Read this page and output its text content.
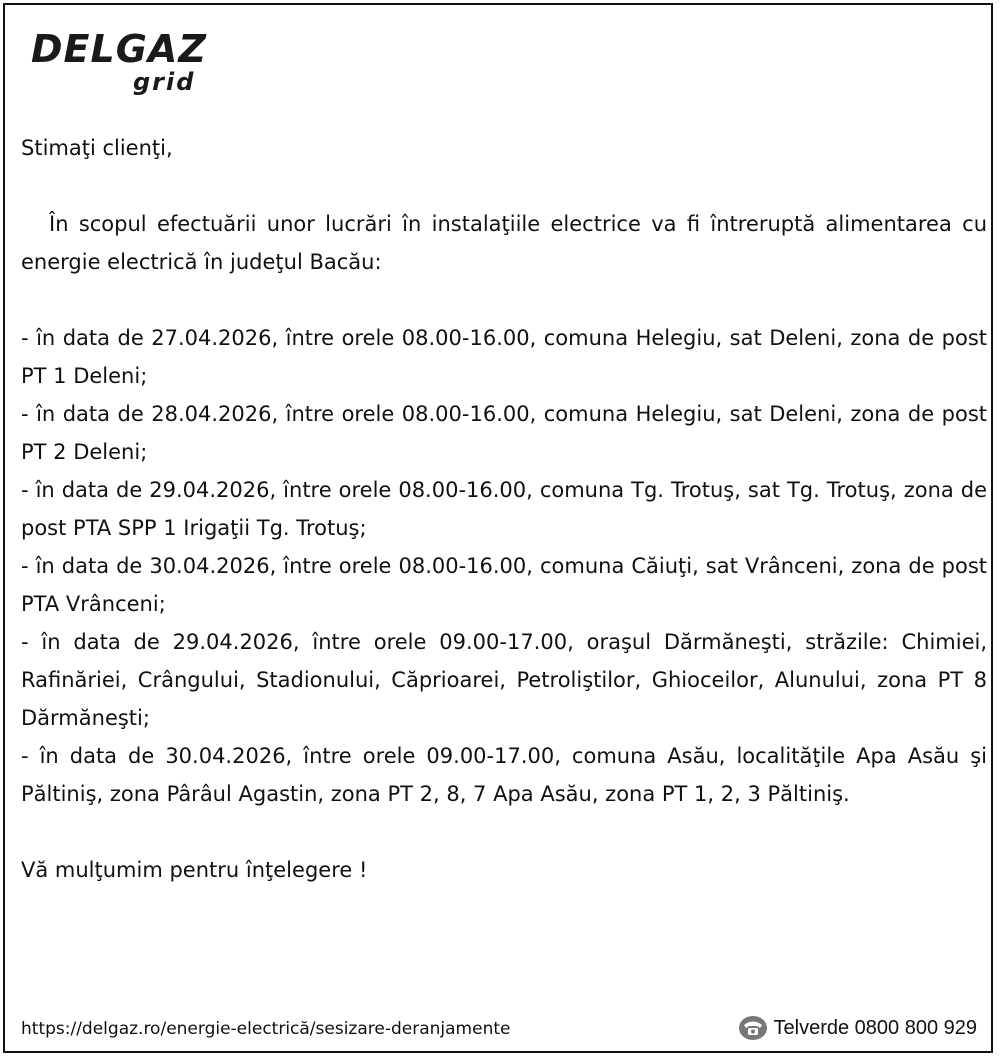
DELGAZ
grid

Stimaţi clienţi,

În scopul efectuării unor lucrări în instalaţiile electrice va fi întreruptă alimentarea cu energie electrică în judeţul Bacău:

- în data de 27.04.2026, între orele 08.00-16.00, comuna Helegiu, sat Deleni, zona de post PT 1 Deleni;

- în data de 28.04.2026, între orele 08.00-16.00, comuna Helegiu, sat Deleni, zona de post PT 2 Deleni;

- în data de 29.04.2026, între orele 08.00-16.00, comuna Tg. Trotuş, sat Tg. Trotuş, zona de post PTA SPP 1 Irigaţii Tg. Trotuş;

- în data de 30.04.2026, între orele 08.00-16.00, comuna Căiuţi, sat Vrânceni, zona de post PTA Vrânceni;

- în data de 29.04.2026, între orele 09.00-17.00, oraşul Dărmăneşti, străzile: Chimiei, Rafinăriei, Crângului, Stadionului, Căprioarei, Petroliştilor, Ghioceilor, Alunului, zona PT 8 Dărmăneşti;

- în data de 30.04.2026, între orele 09.00-17.00, comuna Asău, localităţile Apa Asău şi Păltiniş, zona Pârâul Agastin, zona PT 2, 8, 7 Apa Asău, zona PT 1, 2, 3 Păltiniş.

Vă mulţumim pentru înţelegere !

https://delgaz.ro/energie-electrică/sesizare-deranjamente	Telverde 0800 800 929
